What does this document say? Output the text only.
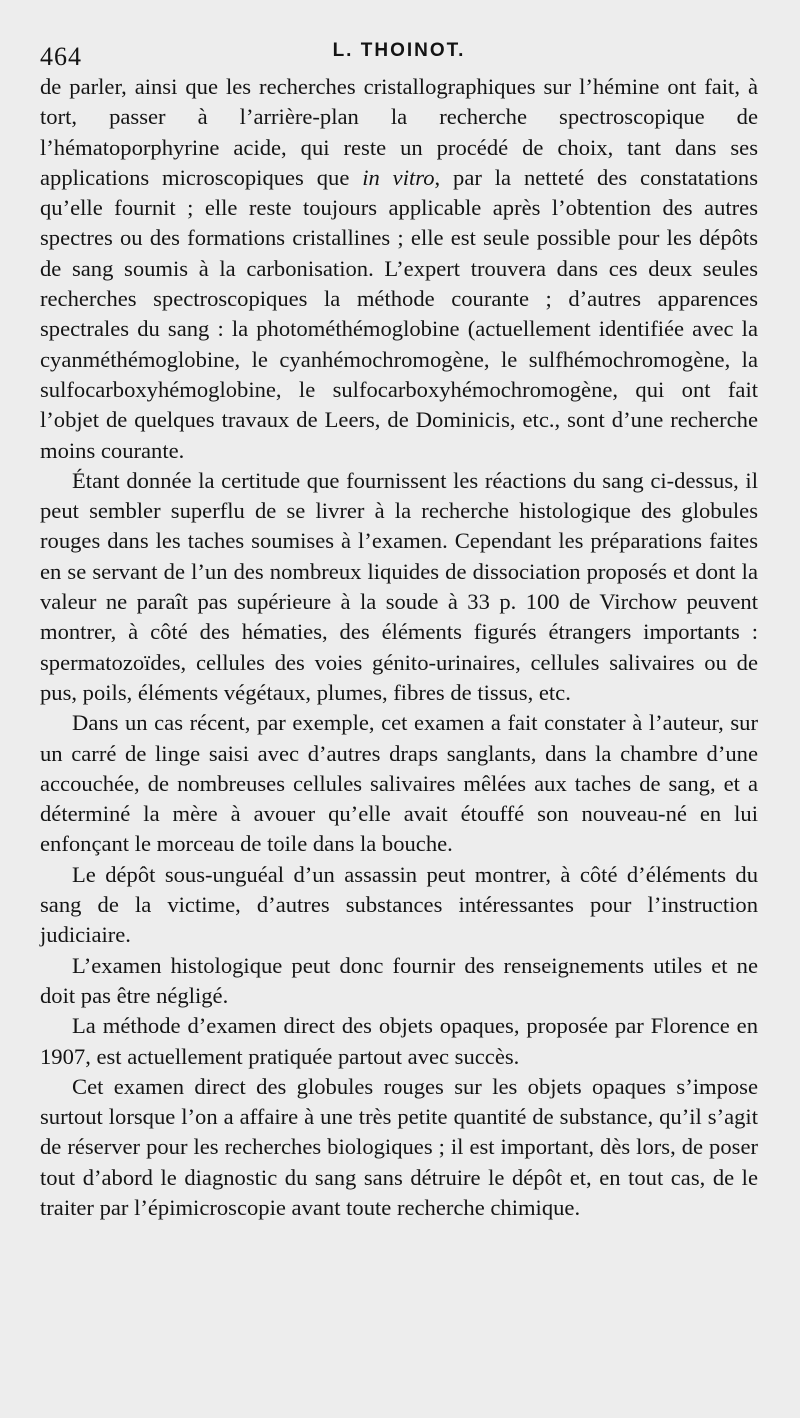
464	L. THOINOT.

de parler, ainsi que les recherches cristallographiques sur l’hémine ont fait, à tort, passer à l’arrière-plan la recherche spectroscopique de l’hématoporphyrine acide, qui reste un procédé de choix, tant dans ses applications microscopiques que in vitro, par la netteté des constatations qu’elle fournit ; elle reste toujours applicable après l’obtention des autres spectres ou des formations cristallines ; elle est seule possible pour les dépôts de sang soumis à la carbonisation. L’expert trouvera dans ces deux seules recherches spectroscopiques la méthode courante ; d’autres apparences spectrales du sang : la photométhémoglobine (actuellement identifiée avec la cyanméthémoglobine, le cyanhémochromogène, le sulfhémochromogène, la sulfocarboxyhémoglobine, le sulfocarboxyhémochromogène, qui ont fait l’objet de quelques travaux de Leers, de Dominicis, etc., sont d’une recherche moins courante.

Étant donnée la certitude que fournissent les réactions du sang ci-dessus, il peut sembler superflu de se livrer à la recherche histologique des globules rouges dans les taches soumises à l’examen. Cependant les préparations faites en se servant de l’un des nombreux liquides de dissociation proposés et dont la valeur ne paraît pas supérieure à la soude à 33 p. 100 de Virchow peuvent montrer, à côté des hématies, des éléments figurés étrangers importants : spermatozoïdes, cellules des voies génito-urinaires, cellules salivaires ou de pus, poils, éléments végétaux, plumes, fibres de tissus, etc.

Dans un cas récent, par exemple, cet examen a fait constater à l’auteur, sur un carré de linge saisi avec d’autres draps sanglants, dans la chambre d’une accouchée, de nombreuses cellules salivaires mêlées aux taches de sang, et a déterminé la mère à avouer qu’elle avait étouffé son nouveau-né en lui enfonçant le morceau de toile dans la bouche.

Le dépôt sous-unguéal d’un assassin peut montrer, à côté d’éléments du sang de la victime, d’autres substances intéressantes pour l’instruction judiciaire.

L’examen histologique peut donc fournir des renseignements utiles et ne doit pas être négligé.

La méthode d’examen direct des objets opaques, proposée par Florence en 1907, est actuellement pratiquée partout avec succès.

Cet examen direct des globules rouges sur les objets opaques s’impose surtout lorsque l’on a affaire à une très petite quantité de substance, qu’il s’agit de réserver pour les recherches biologiques ; il est important, dès lors, de poser tout d’abord le diagnostic du sang sans détruire le dépôt et, en tout cas, de le traiter par l’épimicroscopie avant toute recherche chimique.
